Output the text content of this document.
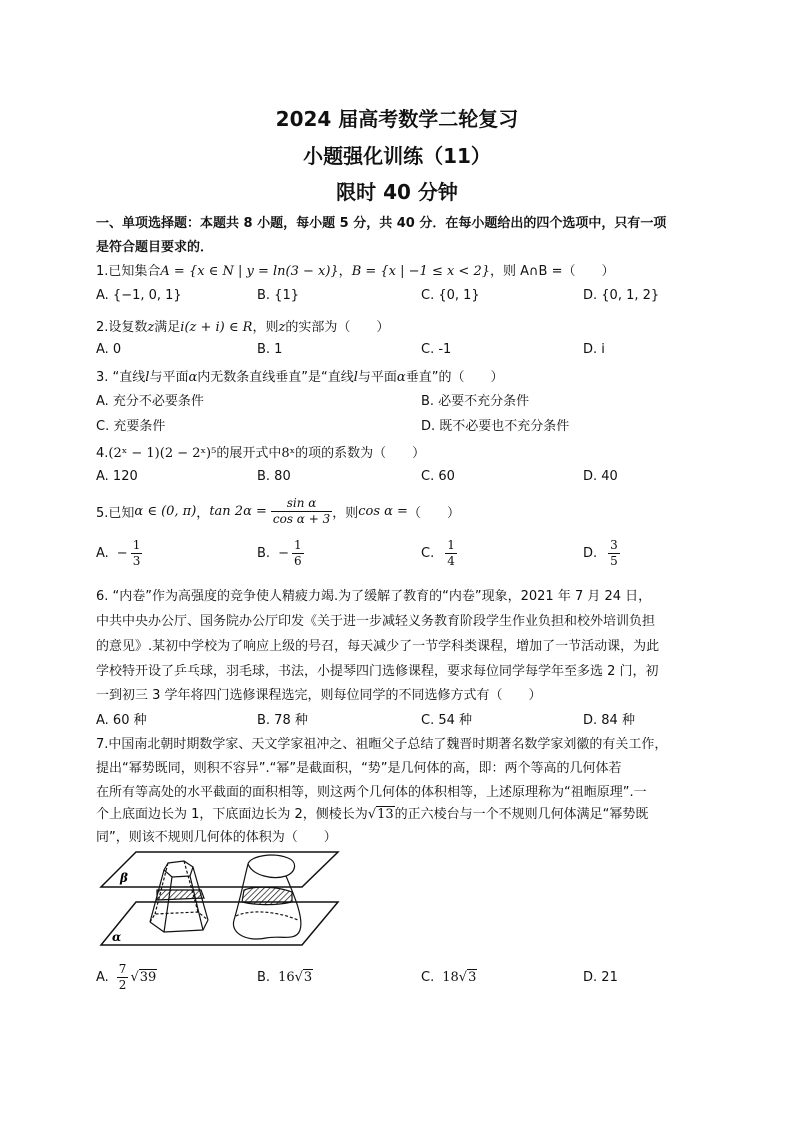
2024 届高考数学二轮复习
小题强化训练（11）
限时 40 分钟
一、单项选择题：本题共 8 小题，每小题 5 分，共 40 分．在每小题给出的四个选项中，只有一项
是符合题目要求的．
1.已知集合A = {x ∈ N | y = ln(3 − x)}，B = {x | −1 ≤ x < 2}，则 A∩B =（　　）
A. {−1, 0, 1}	B. {1}	C. {0, 1}	D. {0, 1, 2}
2.设复数z满足i(z + i) ∈ R，则z的实部为（　　）
A. 0	B. 1	C. -1	D. i
3. “直线l与平面α内无数条直线垂直”是“直线l与平面α垂直”的（　　）
A. 充分不必要条件	B. 必要不充分条件
C. 充要条件	D. 既不必要也不充分条件
4.(2ˣ − 1)(2 − 2ˣ)⁵的展开式中8ˣ的项的系数为（　　）
A. 120	B. 80	C. 60	D. 40
5.已知 α ∈ (0, π) ， $\tan 2\alpha = \frac{\text{sin α}}{\text{cos α + 3}}$ ，则 cos α = （　　）
A. − $\frac{1}{3}$	B. − $\frac{1}{6}$	C. $\frac{1}{4}$	D. $\frac{3}{5}$
6. “内卷”作为高强度的竞争使人精疲力竭.为了缓解了教育的“内卷”现象，2021 年 7 月 24 日，
中共中央办公厅、国务院办公厅印发《关于进一步减轻义务教育阶段学生作业负担和校外培训负担
的意见》.某初中学校为了响应上级的号召，每天减少了一节学科类课程，增加了一节活动课，为此
学校特开设了乒乓球，羽毛球，书法，小提琴四门选修课程，要求每位同学每学年至多选 2 门，初
一到初三 3 学年将四门选修课程选完，则每位同学的不同选修方式有（　　）
A. 60 种	B. 78 种	C. 54 种	D. 84 种
7.中国南北朝时期数学家、天文学家祖冲之、祖暅父子总结了魏晋时期著名数学家刘徽的有关工作，
提出“幂势既同，则积不容异”.“幂”是截面积，“势”是几何体的高，即：两个等高的几何体若
在所有等高处的水平截面的面积相等，则这两个几何体的体积相等，上述原理称为“祖暅原理”.一
个上底面边长为 1，下底面边长为 2，侧棱长为√13的正六棱台与一个不规则几何体满足“幂势既
同”，则该不规则几何体的体积为（　　）
β
α
A. $\frac{7}{2} √39$	B. 16√3	C. 18√3	D. 21
